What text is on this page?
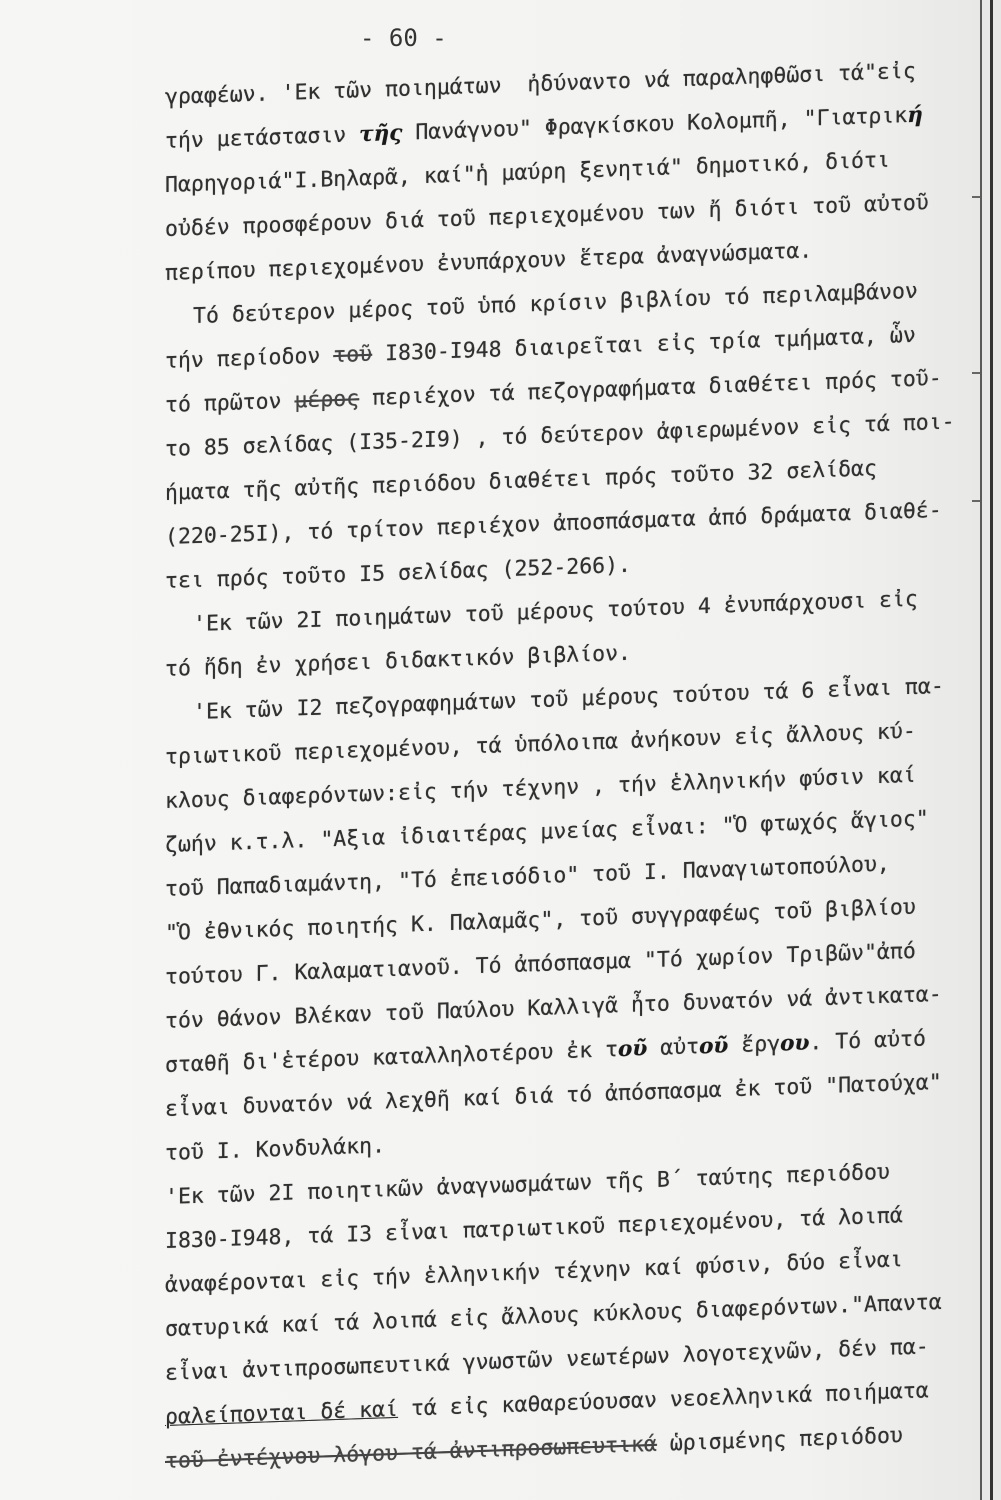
- 60 -
γραφέων. 'Εκ τῶν ποιημάτων  ἠδύναντο νά παραληφθῶσι τά"εἰς
τήν μετάστασιν τῆς Πανάγνου" Φραγκίσκου Κολομπῆ, "Γιατρική
Παρηγοριά"Ι.Βηλαρᾶ, καί"ἡ μαύρη ξενητιά" δημοτικό, διότι
οὐδέν προσφέρουν διά τοῦ περιεχομένου των ἤ διότι τοῦ αὐτοῦ
περίπου περιεχομένου ἐνυπάρχουν ἕτερα ἀναγνώσματα.
Τό δεύτερον μέρος τοῦ ὑπό κρίσιν βιβλίου τό περιλαμβάνον
τήν περίοδον τοῦ I830-I948 διαιρεῖται εἰς τρία τμήματα, ὧν
τό πρῶτον μέρος περιέχον τά πεζογραφήματα διαθέτει πρός τοῦ-
το 85 σελίδας (I35-2I9) , τό δεύτερον ἀφιερωμένον εἰς τά ποι-
ήματα τῆς αὐτῆς περιόδου διαθέτει πρός τοῦτο 32 σελίδας
(220-25I), τό τρίτον περιέχον ἀποσπάσματα ἀπό δράματα διαθέ-
τει πρός τοῦτο I5 σελίδας (252-266).
'Εκ τῶν 2I ποιημάτων τοῦ μέρους τούτου 4 ἐνυπάρχουσι εἰς
τό ἤδη ἐν χρήσει διδακτικόν βιβλίον.
'Εκ τῶν I2 πεζογραφημάτων τοῦ μέρους τούτου τά 6 εἶναι πα-
τριωτικοῦ περιεχομένου, τά ὑπόλοιπα ἀνήκουν εἰς ἄλλους κύ-
κλους διαφερόντων:εἰς τήν τέχνην , τήν ἑλληνικήν φύσιν καί
ζωήν κ.τ.λ. "Αξια ἰδιαιτέρας μνείας εἶναι: "Ὁ φτωχός ἅγιος"
τοῦ Παπαδιαμάντη, "Τό ἐπεισόδιο" τοῦ Ι. Παναγιωτοπούλου,
"Ὁ ἐθνικός ποιητής Κ. Παλαμᾶς", τοῦ συγγραφέως τοῦ βιβλίου
τούτου Γ. Καλαματιανοῦ. Τό ἀπόσπασμα "Τό χωρίον Τριβῶν"ἀπό
τόν θάνον Βλέκαν τοῦ Παύλου Καλλιγᾶ ἦτο δυνατόν νά ἀντικατα-
σταθῆ δι'ἑτέρου καταλληλοτέρου ἐκ τοῦ αὐτοῦ ἔργου. Τό αὐτό
εἶναι δυνατόν νά λεχθῆ καί διά τό ἀπόσπασμα ἐκ τοῦ "Πατούχα"
τοῦ Ι. Κονδυλάκη.
'Εκ τῶν 2I ποιητικῶν ἀναγνωσμάτων τῆς Β΄ ταύτης περιόδου
I830-I948, τά I3 εἶναι πατριωτικοῦ περιεχομένου, τά λοιπά
ἀναφέρονται εἰς τήν ἑλληνικήν τέχνην καί φύσιν, δύο εἶναι
σατυρικά καί τά λοιπά εἰς ἄλλους κύκλους διαφερόντων."Απαντα
εἶναι ἀντιπροσωπευτικά γνωστῶν νεωτέρων λογοτεχνῶν, δέν πα-
ραλείπονται δέ καί τά εἰς καθαρεύουσαν νεοελληνικά ποιήματα
τοῦ ἐντέχνου λόγου τά ἀντιπροσωπευτικά ὡρισμένης περιόδου
